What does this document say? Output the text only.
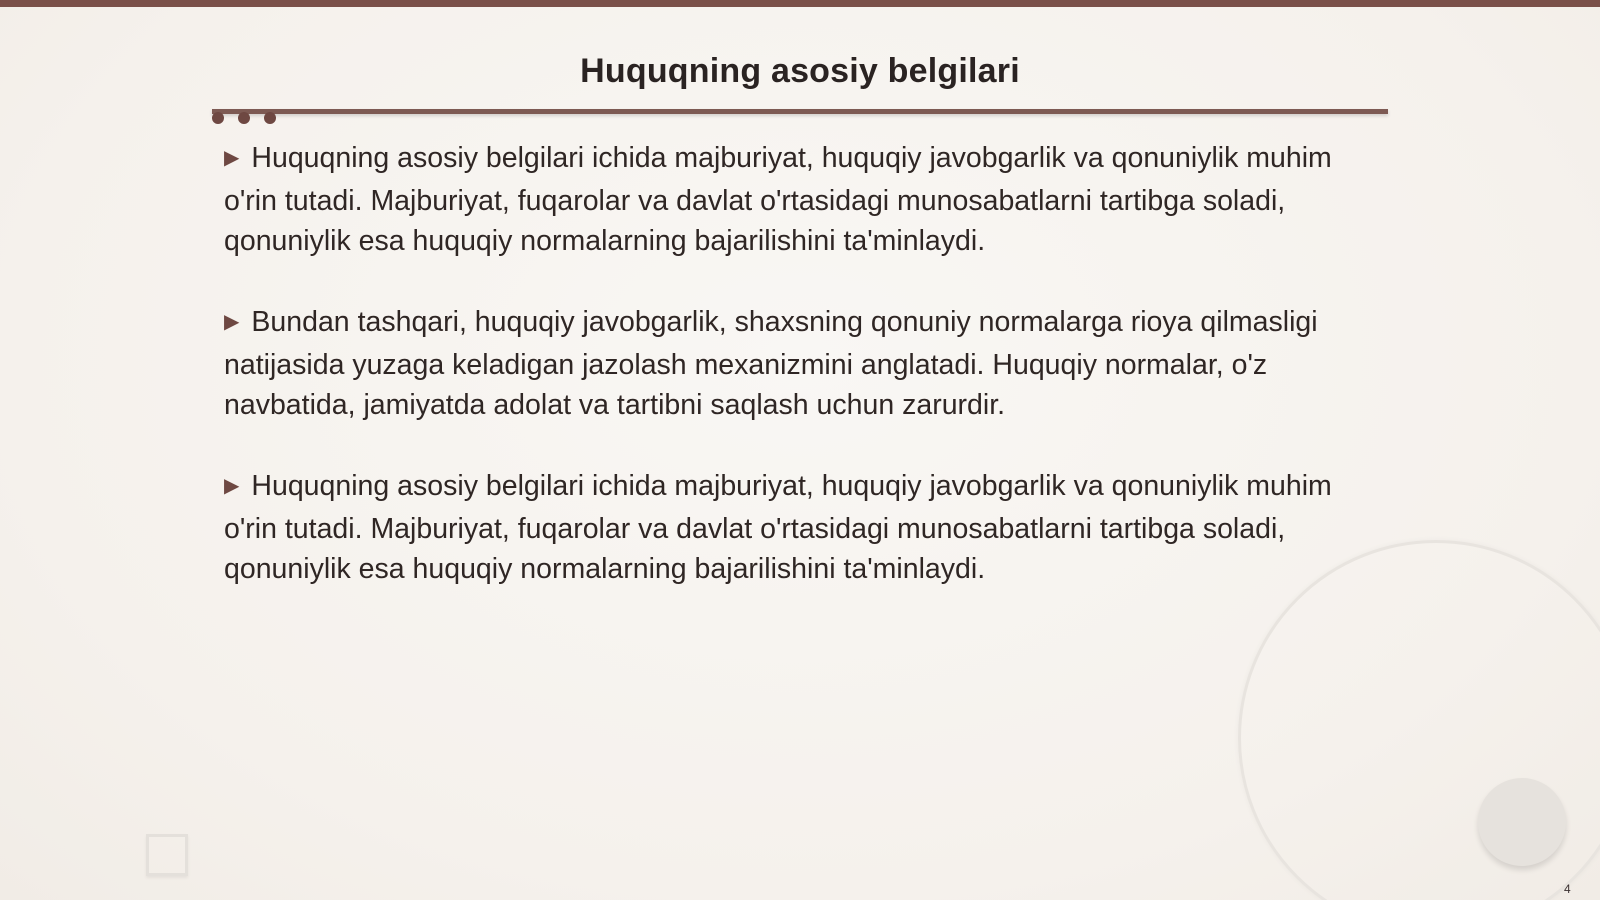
Huquqning asosiy belgilari

▶ Huquqning asosiy belgilari ichida majburiyat, huquqiy javobgarlik va qonuniylik muhim o'rin tutadi. Majburiyat, fuqarolar va davlat o'rtasidagi munosabatlarni tartibga soladi, qonuniylik esa huquqiy normalarning bajarilishini ta'minlaydi.

▶ Bundan tashqari, huquqiy javobgarlik, shaxsning qonuniy normalarga rioya qilmasligi natijasida yuzaga keladigan jazolash mexanizmini anglatadi. Huquqiy normalar, o'z navbatida, jamiyatda adolat va tartibni saqlash uchun zarurdir.

▶ Huquqning asosiy belgilari ichida majburiyat, huquqiy javobgarlik va qonuniylik muhim o'rin tutadi. Majburiyat, fuqarolar va davlat o'rtasidagi munosabatlarni tartibga soladi, qonuniylik esa huquqiy normalarning bajarilishini ta'minlaydi.

4
